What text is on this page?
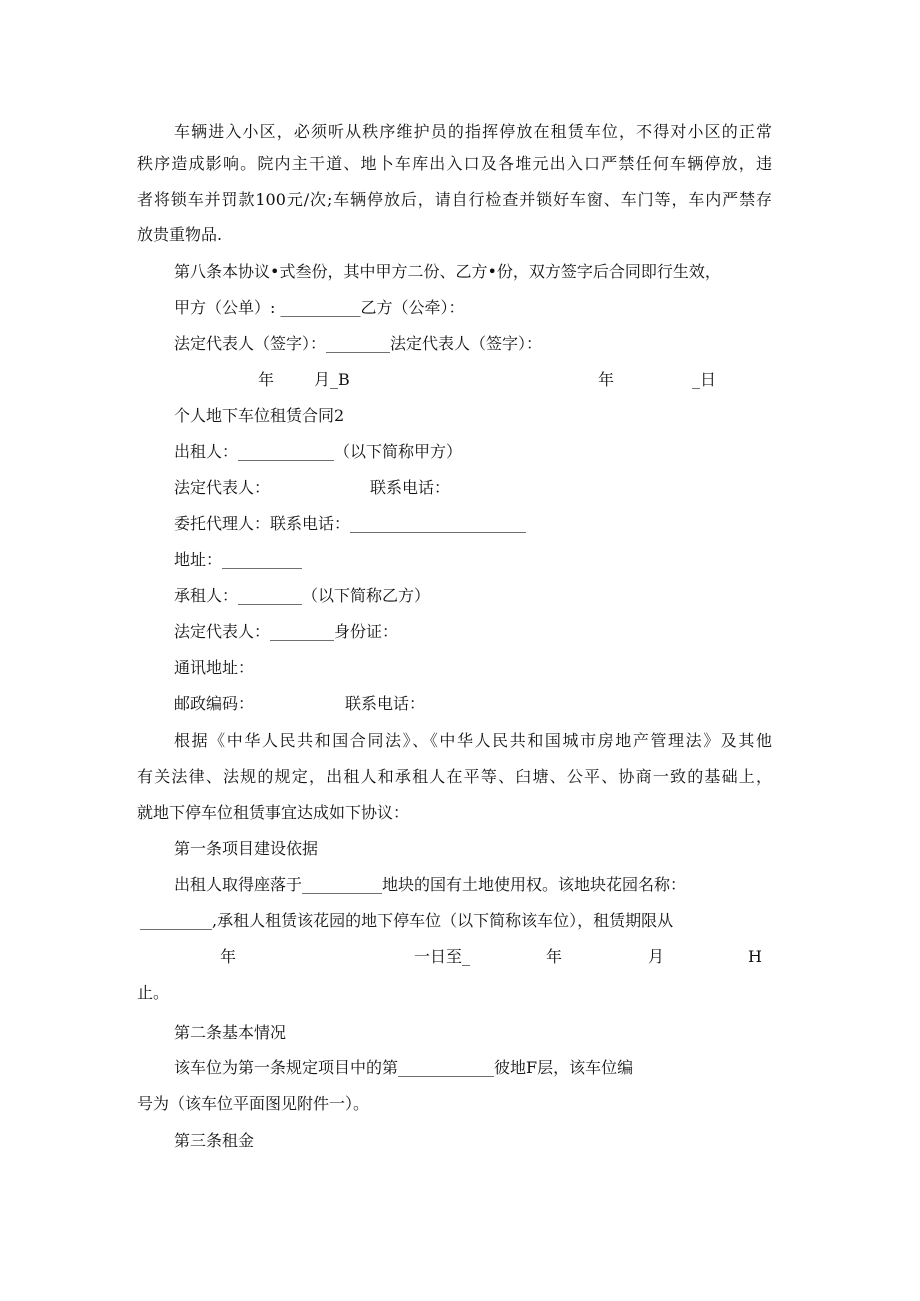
车辆进入小区，必须听从秩序维护员的指挥停放在租赁车位，不得对小区的正常
秩序造成影响。院内主干道、地卜车库出入口及各堆元出入口严禁任何车辆停放，违
者将锁车并罚款100元/次;车辆停放后，请自行检查并锁好车窗、车门等，车内严禁存
放贵重物品.
第八条本协议•式叁份，其中甲方二份、乙方•份，双方签字后合同即行生效，
甲方（公单）: __________乙方（公牵）：
法定代表人（签字）：________法定代表人（签字）：
年 月_B	年	_日
个人地下车位租赁合同2
出租人：____________（以下简称甲方）
法定代表人：	联系电话：
委托代理人：联系电话：______________________
地址：__________
承租人：________（以下简称乙方）
法定代表人：________身份证：
通讯地址：
邮政编码：	联系电话：
根据《中华人民共和国合同法》、《中华人民共和国城市房地产管理法》及其他
有关法律、法规的规定，出租人和承租人在平等、臼塘、公平、协商一致的基础上，
就地下停车位租赁事宜达成如下协议：
第一条项目建设依据
出租人取得座落于__________地块的国有土地使用权。该地块花园名称：
_________,承租人租赁该花园的地下停车位（以下简称该车位），租赁期限从
年	一日至_	年	月	H
止。
第二条基本情况
该车位为第一条规定项目中的第____________彼地F层，该车位编
号为（该车位平面图见附件一）。
第三条租金
